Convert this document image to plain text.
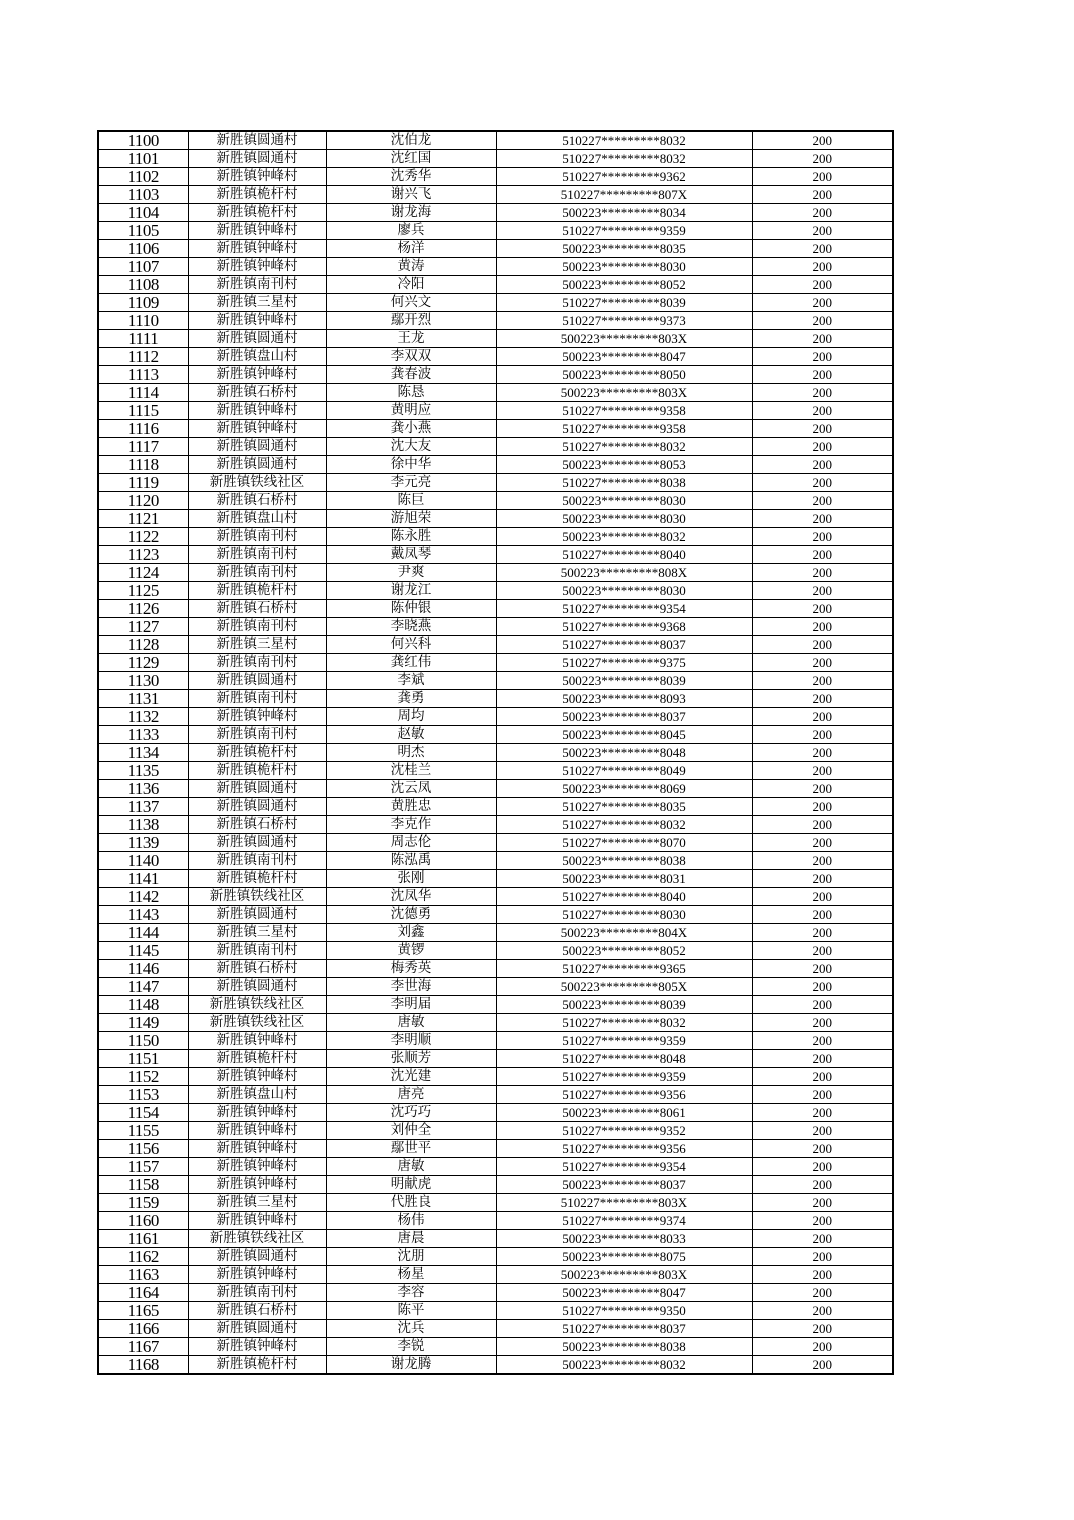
1100	新胜镇圆通村	沈伯龙	510227*********8032	200
1101	新胜镇圆通村	沈红国	510227*********8032	200
1102	新胜镇钟峰村	沈秀华	510227*********9362	200
1103	新胜镇桅杆村	谢兴飞	510227*********807X	200
1104	新胜镇桅杆村	谢龙海	500223*********8034	200
1105	新胜镇钟峰村	廖兵	510227*********9359	200
1106	新胜镇钟峰村	杨洋	500223*********8035	200
1107	新胜镇钟峰村	黄涛	500223*********8030	200
1108	新胜镇南刊村	冷阳	500223*********8052	200
1109	新胜镇三星村	何兴文	510227*********8039	200
1110	新胜镇钟峰村	鄢开烈	510227*********9373	200
1111	新胜镇圆通村	王龙	500223*********803X	200
1112	新胜镇盘山村	李双双	500223*********8047	200
1113	新胜镇钟峰村	龚春波	500223*********8050	200
1114	新胜镇石桥村	陈恳	500223*********803X	200
1115	新胜镇钟峰村	黄明应	510227*********9358	200
1116	新胜镇钟峰村	龚小燕	510227*********9358	200
1117	新胜镇圆通村	沈大友	510227*********8032	200
1118	新胜镇圆通村	徐中华	500223*********8053	200
1119	新胜镇铁线社区	李元亮	510227*********8038	200
1120	新胜镇石桥村	陈巨	500223*********8030	200
1121	新胜镇盘山村	游旭荣	500223*********8030	200
1122	新胜镇南刊村	陈永胜	500223*********8032	200
1123	新胜镇南刊村	戴凤琴	510227*********8040	200
1124	新胜镇南刊村	尹爽	500223*********808X	200
1125	新胜镇桅杆村	谢龙江	500223*********8030	200
1126	新胜镇石桥村	陈仲银	510227*********9354	200
1127	新胜镇南刊村	李晓燕	510227*********9368	200
1128	新胜镇三星村	何兴科	510227*********8037	200
1129	新胜镇南刊村	龚红伟	510227*********9375	200
1130	新胜镇圆通村	李斌	500223*********8039	200
1131	新胜镇南刊村	龚勇	500223*********8093	200
1132	新胜镇钟峰村	周均	500223*********8037	200
1133	新胜镇南刊村	赵敏	500223*********8045	200
1134	新胜镇桅杆村	明杰	500223*********8048	200
1135	新胜镇桅杆村	沈桂兰	510227*********8049	200
1136	新胜镇圆通村	沈云凤	500223*********8069	200
1137	新胜镇圆通村	黄胜忠	510227*********8035	200
1138	新胜镇石桥村	李克作	510227*********8032	200
1139	新胜镇圆通村	周志伦	510227*********8070	200
1140	新胜镇南刊村	陈泓禹	500223*********8038	200
1141	新胜镇桅杆村	张刚	500223*********8031	200
1142	新胜镇铁线社区	沈凤华	510227*********8040	200
1143	新胜镇圆通村	沈德勇	510227*********8030	200
1144	新胜镇三星村	刘鑫	500223*********804X	200
1145	新胜镇南刊村	黄锣	500223*********8052	200
1146	新胜镇石桥村	梅秀英	510227*********9365	200
1147	新胜镇圆通村	李世海	500223*********805X	200
1148	新胜镇铁线社区	李明届	500223*********8039	200
1149	新胜镇铁线社区	唐敏	510227*********8032	200
1150	新胜镇钟峰村	李明顺	510227*********9359	200
1151	新胜镇桅杆村	张顺芳	510227*********8048	200
1152	新胜镇钟峰村	沈光建	510227*********9359	200
1153	新胜镇盘山村	唐亮	510227*********9356	200
1154	新胜镇钟峰村	沈巧巧	500223*********8061	200
1155	新胜镇钟峰村	刘仲全	510227*********9352	200
1156	新胜镇钟峰村	鄢世平	510227*********9356	200
1157	新胜镇钟峰村	唐敏	510227*********9354	200
1158	新胜镇钟峰村	明献虎	500223*********8037	200
1159	新胜镇三星村	代胜良	510227*********803X	200
1160	新胜镇钟峰村	杨伟	510227*********9374	200
1161	新胜镇铁线社区	唐晨	500223*********8033	200
1162	新胜镇圆通村	沈朋	500223*********8075	200
1163	新胜镇钟峰村	杨星	500223*********803X	200
1164	新胜镇南刊村	李容	500223*********8047	200
1165	新胜镇石桥村	陈平	510227*********9350	200
1166	新胜镇圆通村	沈兵	510227*********8037	200
1167	新胜镇钟峰村	李锐	500223*********8038	200
1168	新胜镇桅杆村	谢龙腾	500223*********8032	200
